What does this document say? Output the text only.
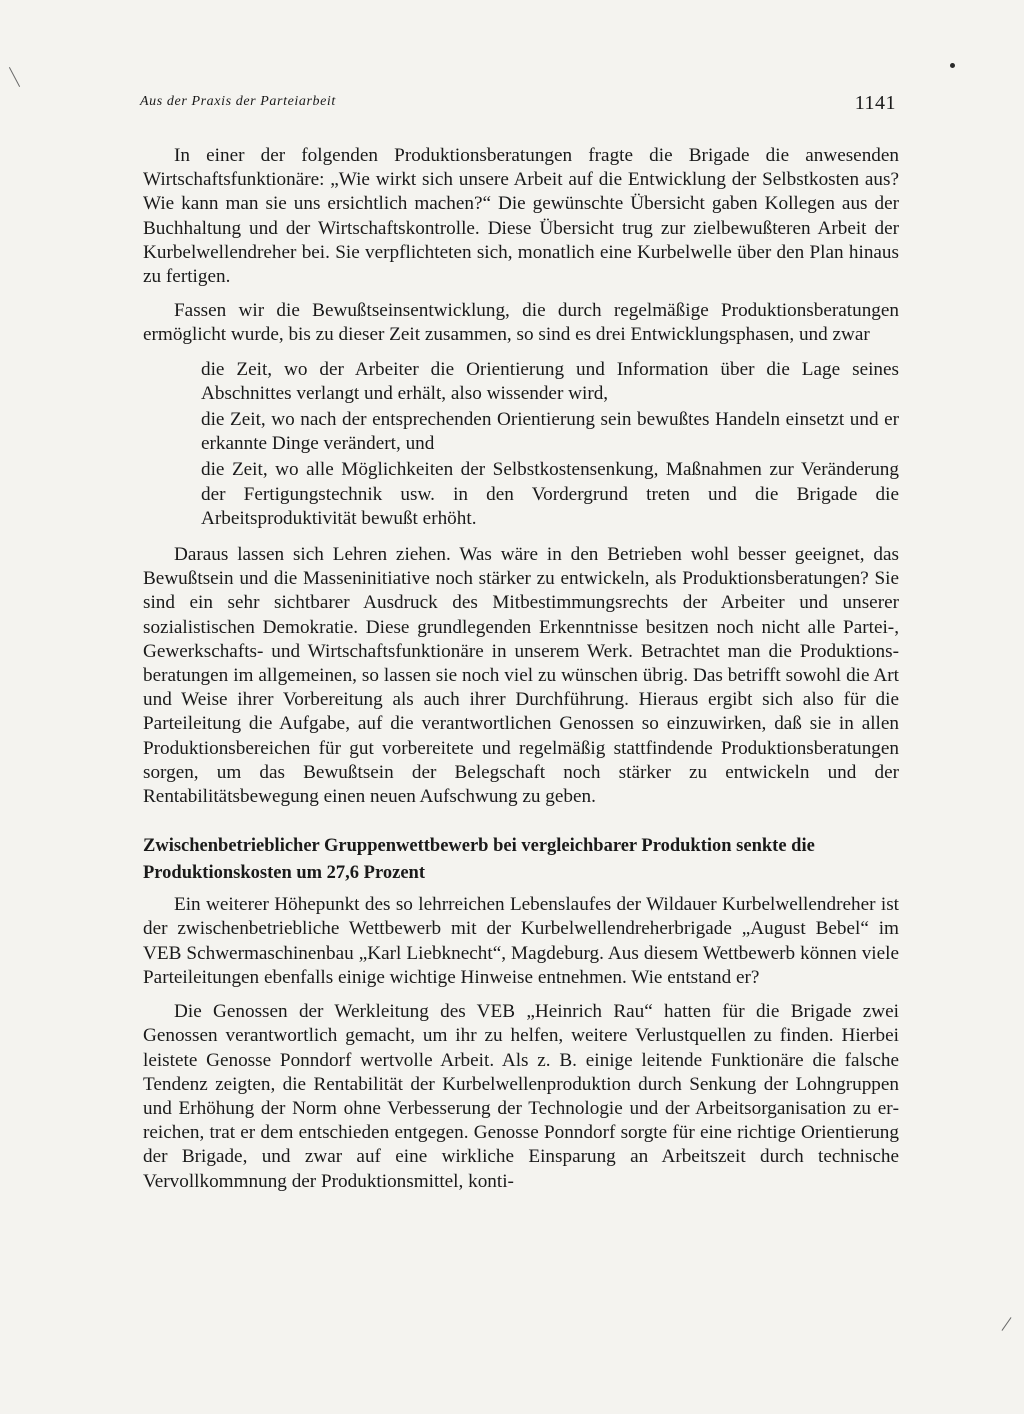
Aus der Praxis der Parteiarbeit	1141

In einer der folgenden Produktionsberatungen fragte die Brigade die anwesenden Wirtschaftsfunktionäre: „Wie wirkt sich unsere Arbeit auf die Entwicklung der Selbstkosten aus? Wie kann man sie uns ersichtlich machen?“ Die gewünschte Übersicht gaben Kollegen aus der Buchhaltung und der Wirtschaftskontrolle. Diese Übersicht trug zur zielbewußteren Arbeit der Kurbelwellendreher bei. Sie verpflichteten sich, monatlich eine Kurbelwelle über den Plan hinaus zu fertigen.

Fassen wir die Bewußtseinsentwicklung, die durch regelmäßige Produktionsberatungen ermöglicht wurde, bis zu dieser Zeit zusammen, so sind es drei Entwicklungsphasen, und zwar

die Zeit, wo der Arbeiter die Orientierung und Information über die Lage seines Abschnittes verlangt und erhält, also wissender wird,
die Zeit, wo nach der entsprechenden Orientierung sein bewußtes Handeln einsetzt und er erkannte Dinge verändert, und
die Zeit, wo alle Möglichkeiten der Selbstkostensenkung, Maßnahmen zur Veränderung der Fertigungstechnik usw. in den Vordergrund treten und die Brigade die Arbeitsproduktivität bewußt erhöht.

Daraus lassen sich Lehren ziehen. Was wäre in den Betrieben wohl besser geeignet, das Bewußtsein und die Masseninitiative noch stärker zu entwickeln, als Produktionsberatungen? Sie sind ein sehr sichtbarer Ausdruck des Mitbestimmungsrechts der Arbeiter und unserer sozialistischen Demokratie. Diese grundlegenden Erkenntnisse besitzen noch nicht alle Partei-, Gewerkschafts- und Wirtschaftsfunktionäre in unserem Werk. Betrachtet man die Produktionsberatungen im allgemeinen, so lassen sie noch viel zu wünschen übrig. Das betrifft sowohl die Art und Weise ihrer Vorbereitung als auch ihrer Durchführung. Hieraus ergibt sich also für die Parteileitung die Aufgabe, auf die verantwortlichen Genossen so einzuwirken, daß sie in allen Produktionsbereichen für gut vorbereitete und regelmäßig stattfindende Produktionsberatungen sorgen, um das Bewußtsein der Belegschaft noch stärker zu entwickeln und der Rentabilitätsbewegung einen neuen Aufschwung zu geben.

Zwischenbetrieblicher Gruppenwettbewerb bei vergleichbarer Produktion senkte die Produktionskosten um 27,6 Prozent

Ein weiterer Höhepunkt des so lehrreichen Lebenslaufes der Wildauer Kurbelwellendreher ist der zwischenbetriebliche Wettbewerb mit der Kurbelwellendreherbrigade „August Bebel“ im VEB Schwermaschinenbau „Karl Liebknecht“, Magdeburg. Aus diesem Wettbewerb können viele Parteileitungen ebenfalls einige wichtige Hinweise entnehmen. Wie entstand er?

Die Genossen der Werkleitung des VEB „Heinrich Rau“ hatten für die Brigade zwei Genossen verantwortlich gemacht, um ihr zu helfen, weitere Verlustquellen zu finden. Hierbei leistete Genosse Ponndorf wertvolle Arbeit. Als z. B. einige leitende Funktionäre die falsche Tendenz zeigten, die Rentabilität der Kurbelwellenproduktion durch Senkung der Lohngruppen und Erhöhung der Norm ohne Verbesserung der Technologie und der Arbeitsorganisation zu erreichen, trat er dem entschieden entgegen. Genosse Ponndorf sorgte für eine richtige Orientierung der Brigade, und zwar auf eine wirkliche Einsparung an Arbeitszeit durch technische Vervollkommnung der Produktionsmittel, konti-
